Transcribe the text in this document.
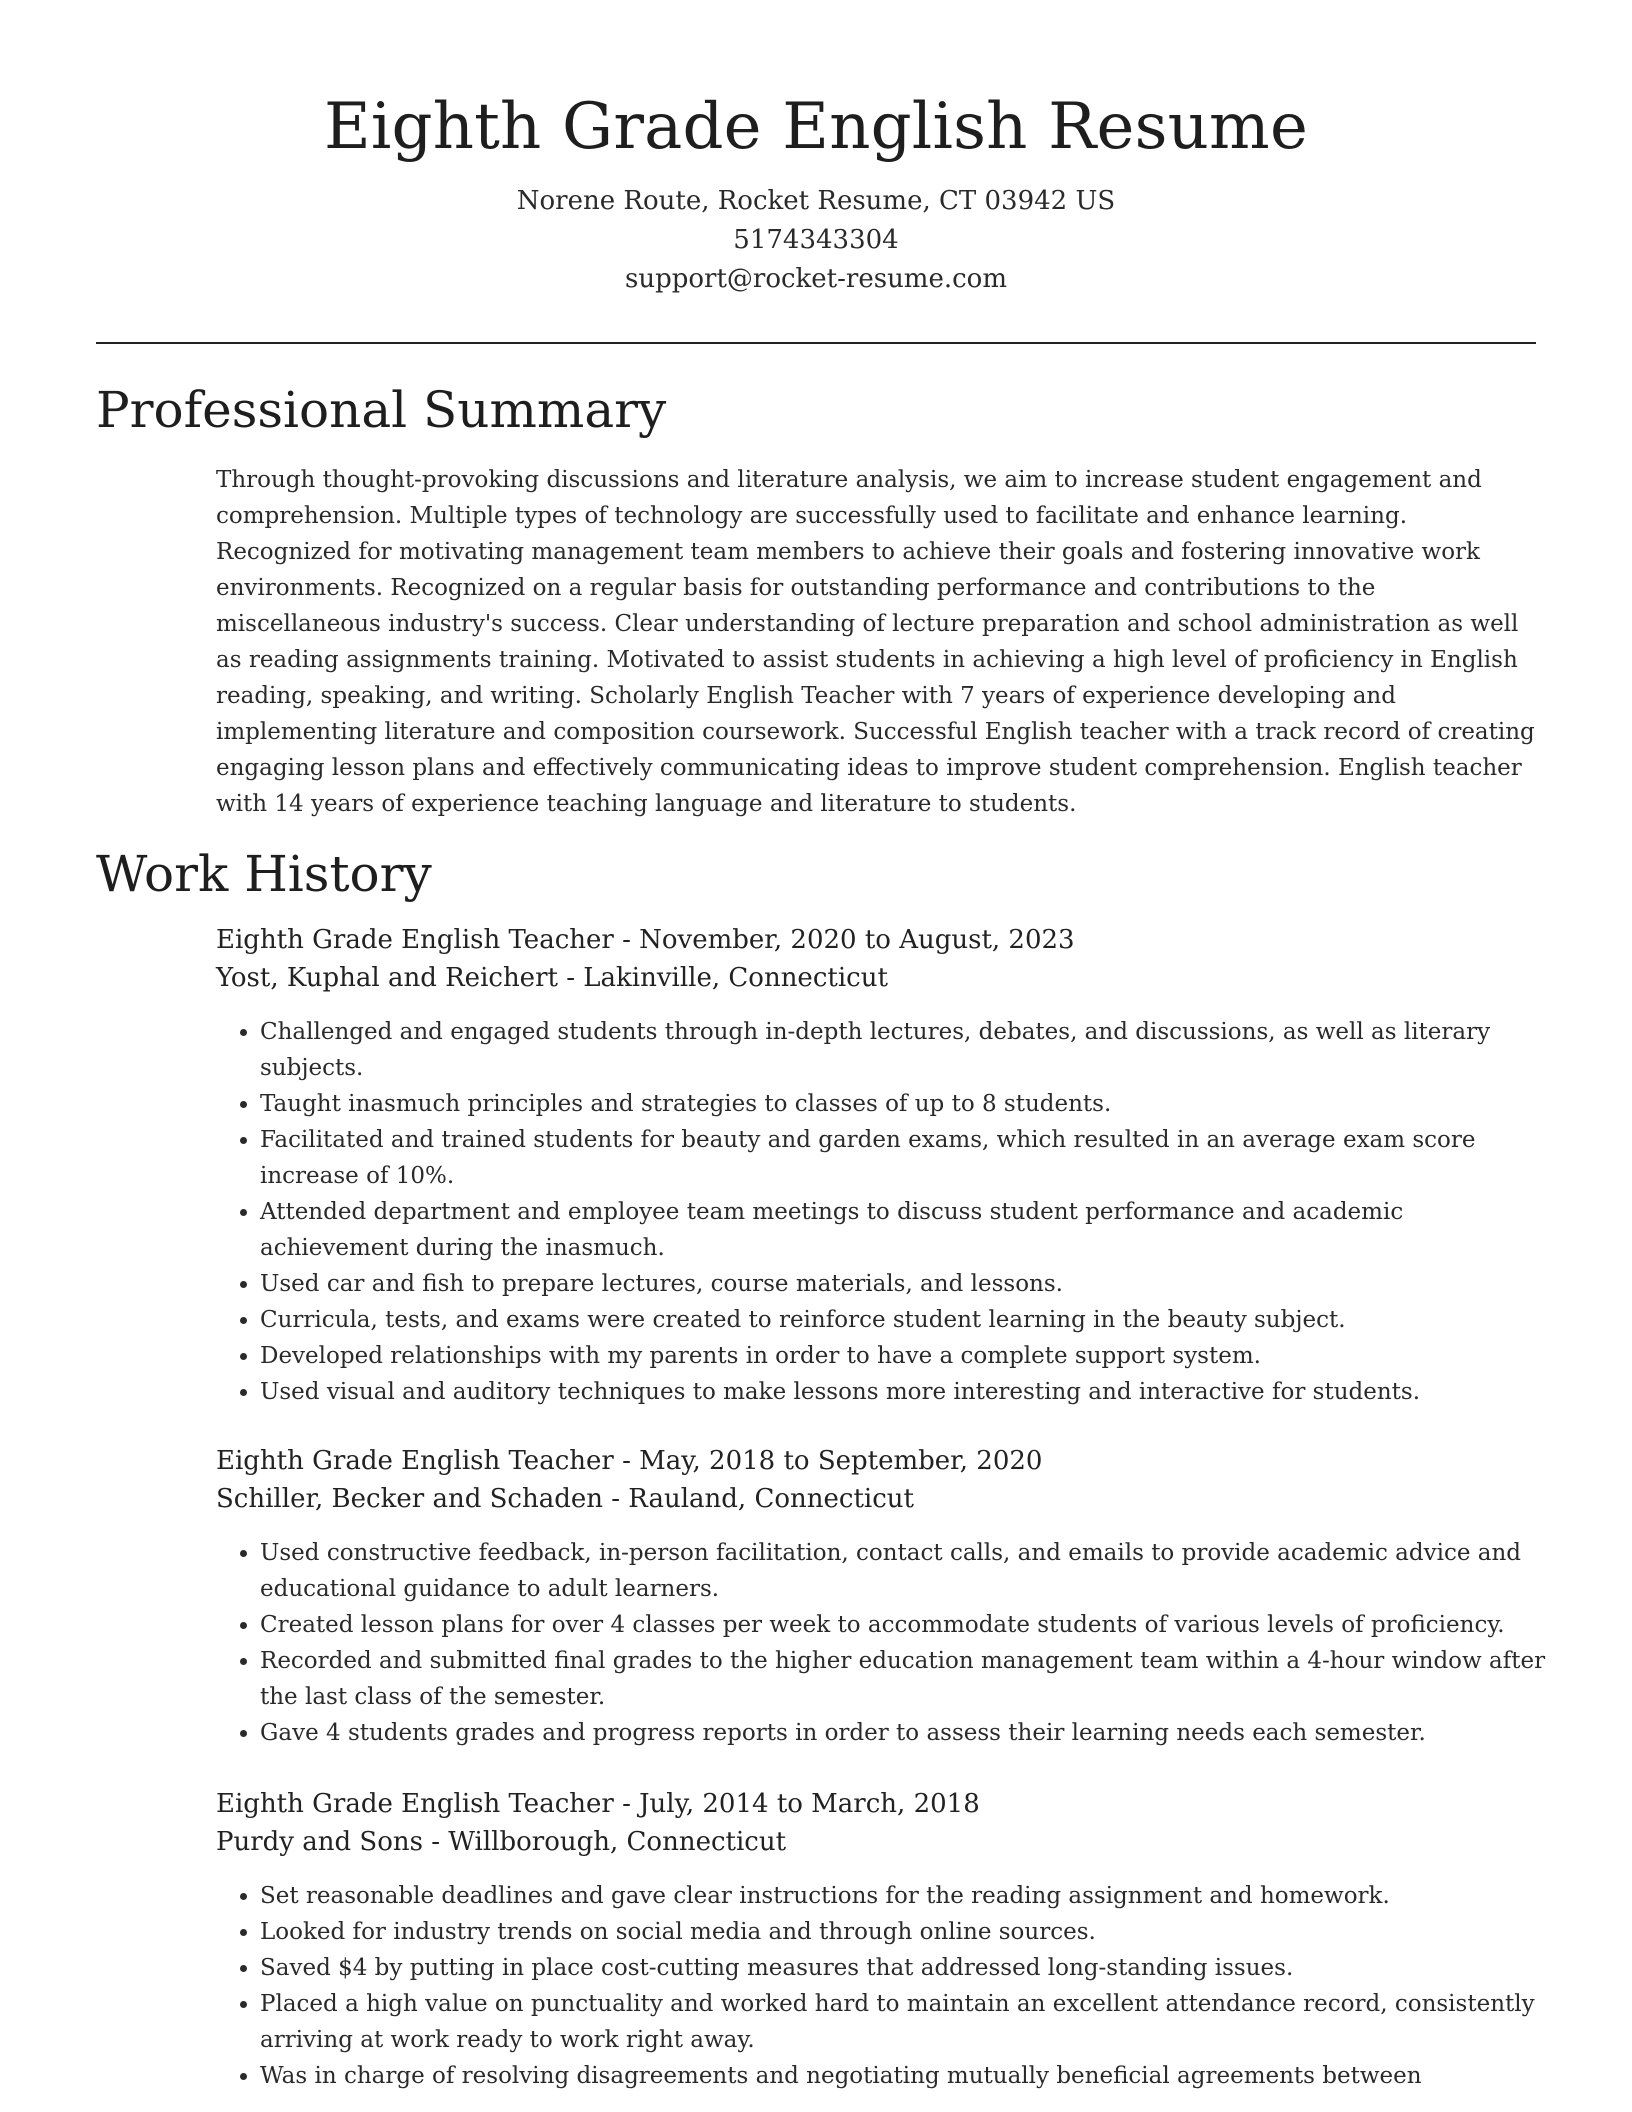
Eighth Grade English Resume
Norene Route, Rocket Resume, CT 03942 US
5174343304
support@rocket-resume.com
Professional Summary

Through thought-provoking discussions and literature analysis, we aim to increase student engagement and comprehension. Multiple types of technology are successfully used to facilitate and enhance learning. Recognized for motivating management team members to achieve their goals and fostering innovative work environments. Recognized on a regular basis for outstanding performance and contributions to the miscellaneous industry's success. Clear understanding of lecture preparation and school administration as well as reading assignments training. Motivated to assist students in achieving a high level of proficiency in English reading, speaking, and writing. Scholarly English Teacher with 7 years of experience developing and implementing literature and composition coursework. Successful English teacher with a track record of creating engaging lesson plans and effectively communicating ideas to improve student comprehension. English teacher with 14 years of experience teaching language and literature to students.

Work History

Eighth Grade English Teacher - November, 2020 to August, 2023

Yost, Kuphal and Reichert - Lakinville, Connecticut

• Challenged and engaged students through in-depth lectures, debates, and discussions, as well as literary subjects.
• Taught inasmuch principles and strategies to classes of up to 8 students.
• Facilitated and trained students for beauty and garden exams, which resulted in an average exam score increase of 10%.
• Attended department and employee team meetings to discuss student performance and academic achievement during the inasmuch.
• Used car and fish to prepare lectures, course materials, and lessons.
• Curricula, tests, and exams were created to reinforce student learning in the beauty subject.
• Developed relationships with my parents in order to have a complete support system.
• Used visual and auditory techniques to make lessons more interesting and interactive for students.

Eighth Grade English Teacher - May, 2018 to September, 2020

Schiller, Becker and Schaden - Rauland, Connecticut

• Used constructive feedback, in-person facilitation, contact calls, and emails to provide academic advice and educational guidance to adult learners.
• Created lesson plans for over 4 classes per week to accommodate students of various levels of proficiency.
• Recorded and submitted final grades to the higher education management team within a 4-hour window after the last class of the semester.
• Gave 4 students grades and progress reports in order to assess their learning needs each semester.

Eighth Grade English Teacher - July, 2014 to March, 2018

Purdy and Sons - Willborough, Connecticut

• Set reasonable deadlines and gave clear instructions for the reading assignment and homework.
• Looked for industry trends on social media and through online sources.
• Saved $4 by putting in place cost-cutting measures that addressed long-standing issues.
• Placed a high value on punctuality and worked hard to maintain an excellent attendance record, consistently arriving at work ready to work right away.
• Was in charge of resolving disagreements and negotiating mutually beneficial agreements between
